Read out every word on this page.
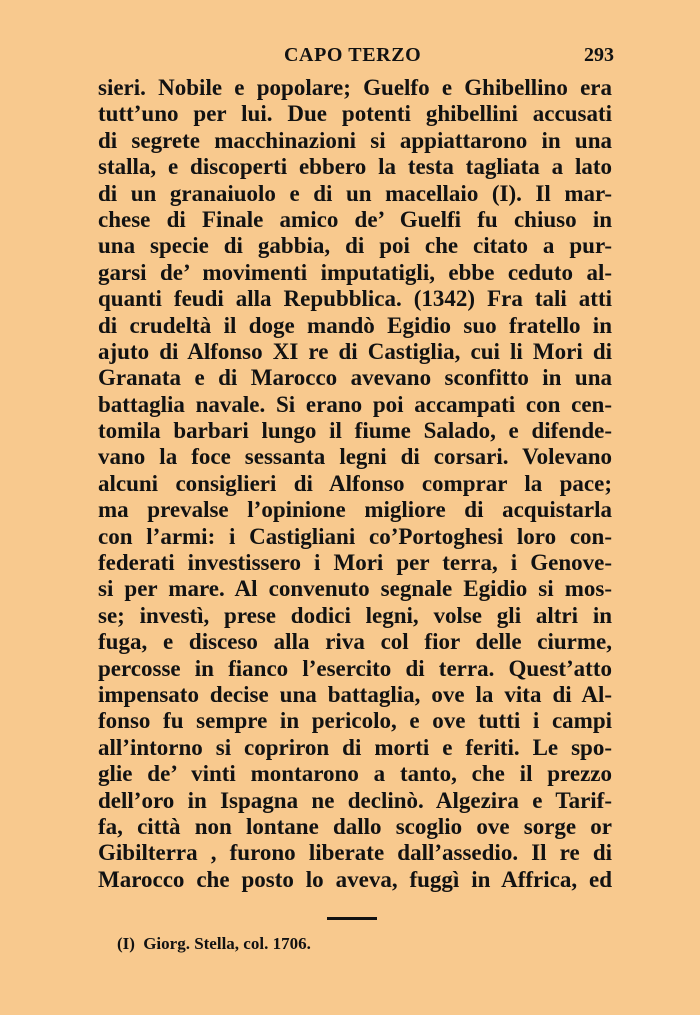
CAPO TERZO	293
sieri. Nobile e popolare; Guelfo e Ghibellino era
tutt’uno per lui. Due potenti ghibellini accusati
di segrete macchinazioni si appiattarono in una
stalla, e discoperti ebbero la testa tagliata a lato
di un granaiuolo e di un macellaio (I). Il mar-
chese di Finale amico de’ Guelfi fu chiuso in
una specie di gabbia, di poi che citato a pur-
garsi de’ movimenti imputatigli, ebbe ceduto al-
quanti feudi alla Repubblica. (1342) Fra tali atti
di crudeltà il doge mandò Egidio suo fratello in
ajuto di Alfonso XI re di Castiglia, cui li Mori di
Granata e di Marocco avevano sconfitto in una
battaglia navale. Si erano poi accampati con cen-
tomila barbari lungo il fiume Salado, e difende-
vano la foce sessanta legni di corsari. Volevano
alcuni consiglieri di Alfonso comprar la pace;
ma prevalse l’opinione migliore di acquistarla
con l’armi: i Castigliani co’Portoghesi loro con-
federati investissero i Mori per terra, i Genove-
si per mare. Al convenuto segnale Egidio si mos-
se; investì, prese dodici legni, volse gli altri in
fuga, e disceso alla riva col fior delle ciurme,
percosse in fianco l’esercito di terra. Quest’atto
impensato decise una battaglia, ove la vita di Al-
fonso fu sempre in pericolo, e ove tutti i campi
all’intorno si copriron di morti e feriti. Le spo-
glie de’ vinti montarono a tanto, che il prezzo
dell’oro in Ispagna ne declinò. Algezira e Tarif-
fa, città non lontane dallo scoglio ove sorge or
Gibilterra , furono liberate dall’assedio. Il re di
Marocco che posto lo aveva, fuggì in Affrica, ed
(I) Giorg. Stella, col. 1706.
